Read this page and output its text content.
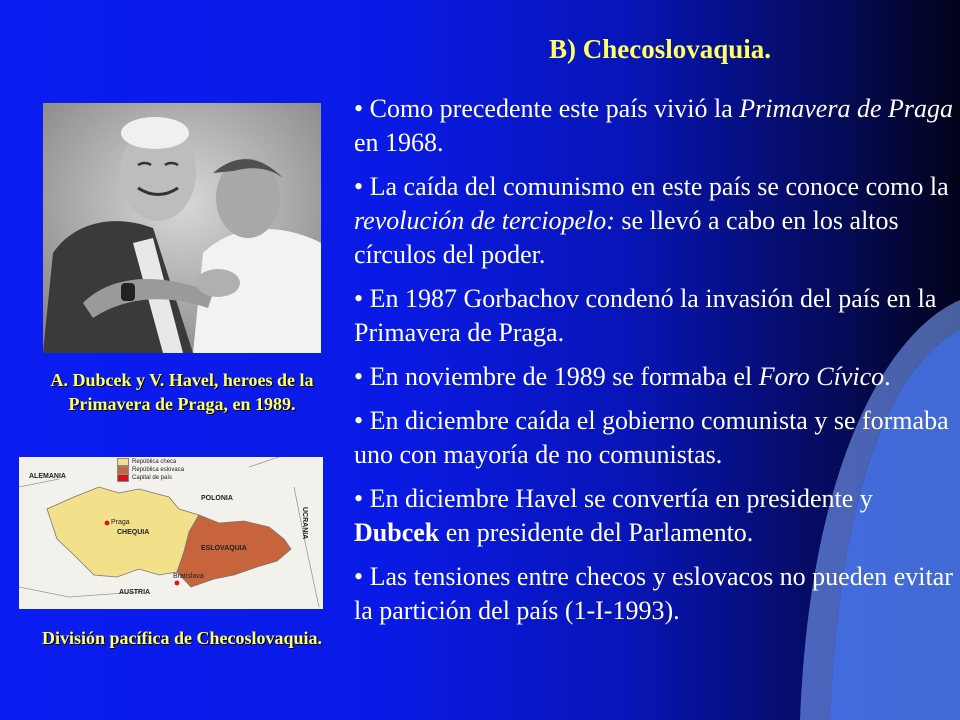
B) Checoslovaquia.
• Como precedente este país vivió la Primavera de Praga en 1968.
• La caída del comunismo en este país se conoce como la revolución de terciopelo: se llevó a cabo en los altos círculos del poder.
• En 1987 Gorbachov condenó la invasión del país en la Primavera de Praga.
• En noviembre de 1989 se formaba el Foro Cívico.
• En diciembre caída el gobierno comunista y se formaba uno con mayoría de no comunistas.
• En diciembre Havel se convertía en presidente y Dubcek en presidente del Parlamento.
• Las tensiones entre checos y eslovacos no pueden evitar la partición del país (1-I-1993).
A. Dubcek y V. Havel, heroes de la Primavera de Praga, en 1989.
República checa
República eslovaca
Capital de país
ALEMANIA
POLONIA
CHEQUIA
Praga
ESLOVAQUIA
Bratislava
AUSTRIA
UCRANIA
División pacífica de Checoslovaquia.
